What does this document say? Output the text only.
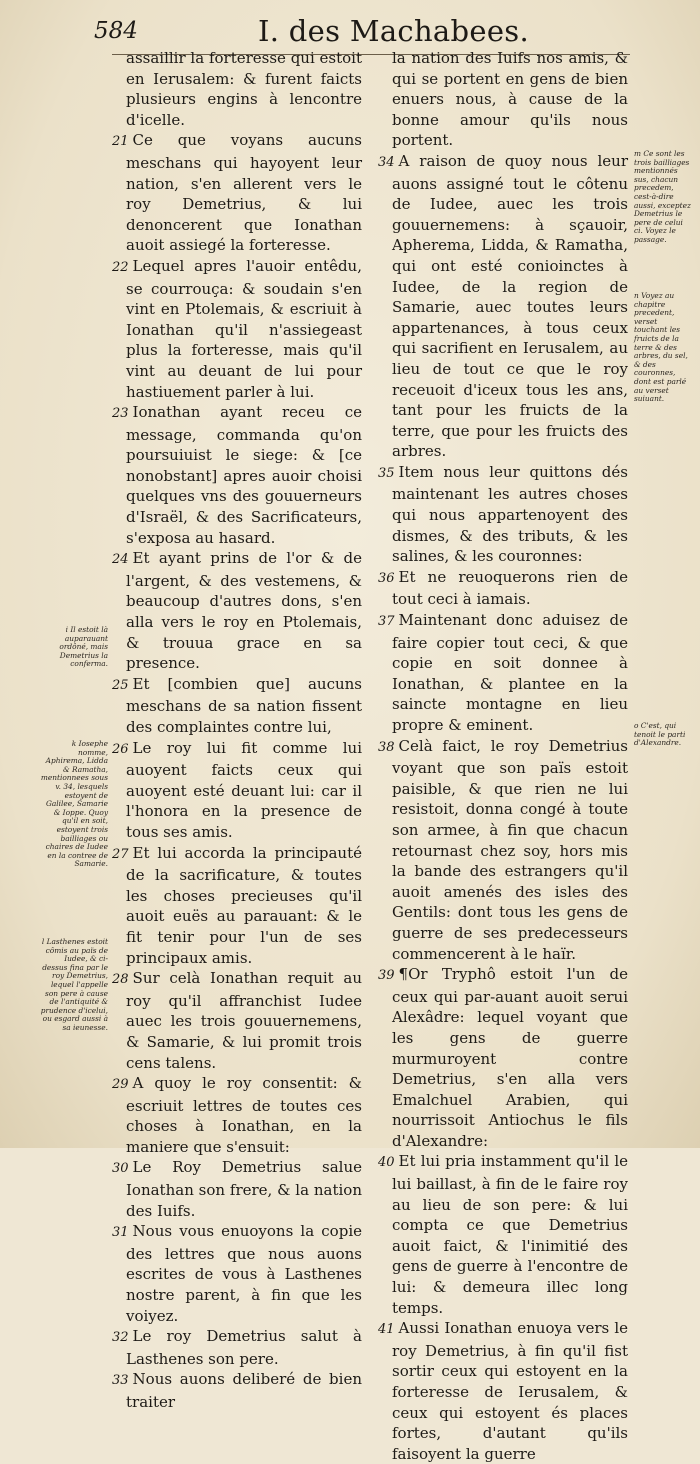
584	I. des Machabees.

assaillir la forteresse qui estoit en Ierusalem: & furent faicts plusieurs engins à lencontre d'icelle.

21 Ce que voyans aucuns meschans qui hayoyent leur nation, s'en allerent vers le roy Demetrius, & lui denoncerent que Ionathan auoit assiegé la forteresse.

22 Lequel apres l'auoir entêdu, se courrouça: & soudain s'en vint en Ptolemais, & escriuit à Ionathan qu'il n'assiegeast plus la forteresse, mais qu'il vint au deuant de lui pour hastiuement parler à lui.

23 Ionathan ayant receu ce message, commanda qu'on poursuiuist le siege: & [ce nonobstant] apres auoir choisi quelques vns des gouuerneurs d'Israël, & des Sacrificateurs, s'exposa au hasard.

24 Et ayant prins de l'or & de l'argent, & des vestemens, & beaucoup d'autres dons, s'en alla vers le roy en Ptolemais, & trouua grace en sa presence.

25 Et [combien que] aucuns meschans de sa nation fissent des complaintes contre lui,

26 Le roy lui fit comme lui auoyent faicts ceux qui auoyent esté deuant lui: car il l'honora en la presence de tous ses amis.

27 Et lui accorda la principauté de la sacrificature, & toutes les choses precieuses qu'il auoit euës au parauant: & le fit tenir pour l'un de ses principaux amis.

28 Sur celà Ionathan requit au roy qu'il affranchist Iudee auec les trois gouuernemens, & Samarie, & lui promit trois cens talens.

29 A quoy le roy consentit: & escriuit lettres de toutes ces choses à Ionathan, en la maniere que s'ensuit:

30 Le Roy Demetrius salue Ionathan son frere, & la nation des Iuifs.

31 Nous vous enuoyons la copie des lettres que nous auons escrites de vous à Lasthenes nostre parent, à fin que les voiyez.

32 Le roy Demetrius salut à Lasthenes son pere.

33 Nous auons deliberé de bien traiter

la nation des Iuifs nos amis, & qui se portent en gens de bien enuers nous, à cause de la bonne amour qu'ils nous portent.

34 A raison de quoy nous leur auons assigné tout le côtenu de Iudee, auec les trois gouuernemens: à sçauoir, Apherema, Lidda, & Ramatha, qui ont esté conioinctes à Iudee, de la region de Samarie, auec toutes leurs appartenances, à tous ceux qui sacrifient en Ierusalem, au lieu de tout ce que le roy receuoit d'iceux tous les ans, tant pour les fruicts de la terre, que pour les fruicts des arbres.

35 Item nous leur quittons dés maintenant les autres choses qui nous appartenoyent des dismes, & des tributs, & les salines, & les couronnes:

36 Et ne reuoquerons rien de tout ceci à iamais.

37 Maintenant donc aduisez de faire copier tout ceci, & que copie en soit donnee à Ionathan, & plantee en la saincte montagne en lieu propre & eminent.

38 Celà faict, le roy Demetrius voyant que son païs estoit paisible, & que rien ne lui resistoit, donna congé à toute son armee, à fin que chacun retournast chez soy, hors mis la bande des estrangers qu'il auoit amenés des isles des Gentils: dont tous les gens de guerre de ses predecesseurs commencerent à le haïr.

39 ¶Or Tryphô estoit l'un de ceux qui par-auant auoit serui Alexâdre: lequel voyant que les gens de guerre murmuroyent contre Demetrius, s'en alla vers Emalchuel Arabien, qui nourrissoit Antiochus le fils d'Alexandre:

40 Et lui pria instamment qu'il le lui baillast, à fin de le faire roy au lieu de son pere: & lui compta ce que Demetrius auoit faict, & l'inimitié des gens de guerre à l'encontre de lui: & demeura illec long temps.

41 Aussi Ionathan enuoya vers le roy Demetrius, à fin qu'il fist sortir ceux qui estoyent en la forteresse de Ierusalem, & ceux qui estoyent és places fortes, d'autant qu'ils faisoyent la guerre

i Il estoit là auparauant ordôné, mais Demetrius la conferma.
k Iosephe nomme, Aphirema, Lidda & Ramatha, mentionnees sous v. 34, lesquels estoyent de Galilee, Samarie & Ioppe. Quoy qu'il en soit, estoyent trois bailliages ou chaires de Iudee en la contree de Samarie.
l Lasthenes estoit cômis au païs de Iudee, & ci-dessus fina par le roy Demetrius, lequel l'appelle son pere à cause de l'antiquité & prudence d'icelui, ou esgard aussi à sa ieunesse.
m Ce sont les trois bailliages mentionnés sus, chacun precedem, cest-à-dire aussi, exceptez Demetrius le pere de celui ci. Voyez le passage.
n Voyez au chapitre precedent, verset touchant les fruicts de la terre & des arbres, du sel, & des couronnes, dont est parlé au verset suiuant.
o C'est, qui tenoit le parti d'Alexandre.
